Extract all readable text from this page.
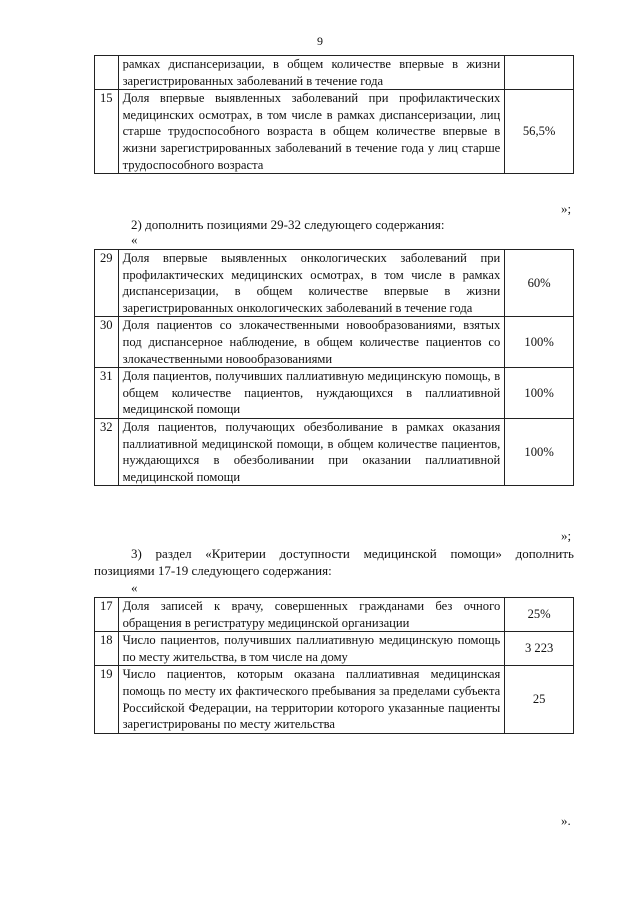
9
	рамках диспансеризации, в общем количестве впервые в жизни зарегистрированных заболеваний в течение года	
15	Доля впервые выявленных заболеваний при профилактических медицинских осмотрах, в том числе в рамках диспансеризации, лиц старше трудоспособного возраста в общем количестве впервые в жизни зарегистрированных заболеваний в течение года у лиц старше трудоспособного возраста	56,5%
»;
2) дополнить позициями 29-32 следующего содержания:
«
29	Доля впервые выявленных онкологических заболеваний при профилактических медицинских осмотрах, в том числе в рамках диспансеризации, в общем количестве впервые в жизни зарегистрированных онкологических заболеваний в течение года	60%
30	Доля пациентов со злокачественными новообразованиями, взятых под диспансерное наблюдение, в общем количестве пациентов со злокачественными новообразованиями	100%
31	Доля пациентов, получивших паллиативную медицинскую помощь, в общем количестве пациентов, нуждающихся в паллиативной медицинской помощи	100%
32	Доля пациентов, получающих обезболивание в рамках оказания паллиативной медицинской помощи, в общем количестве пациентов, нуждающихся в обезболивании при оказании паллиативной медицинской помощи	100%
»;
3) раздел «Критерии доступности медицинской помощи» дополнить позициями 17-19 следующего содержания:
«
17	Доля записей к врачу, совершенных гражданами без очного обращения в регистратуру медицинской организации	25%
18	Число пациентов, получивших паллиативную медицинскую помощь по месту жительства, в том числе на дому	3 223
19	Число пациентов, которым оказана паллиативная медицинская помощь по месту их фактического пребывания за пределами субъекта Российской Федерации, на территории которого указанные пациенты зарегистрированы по месту жительства	25
».
